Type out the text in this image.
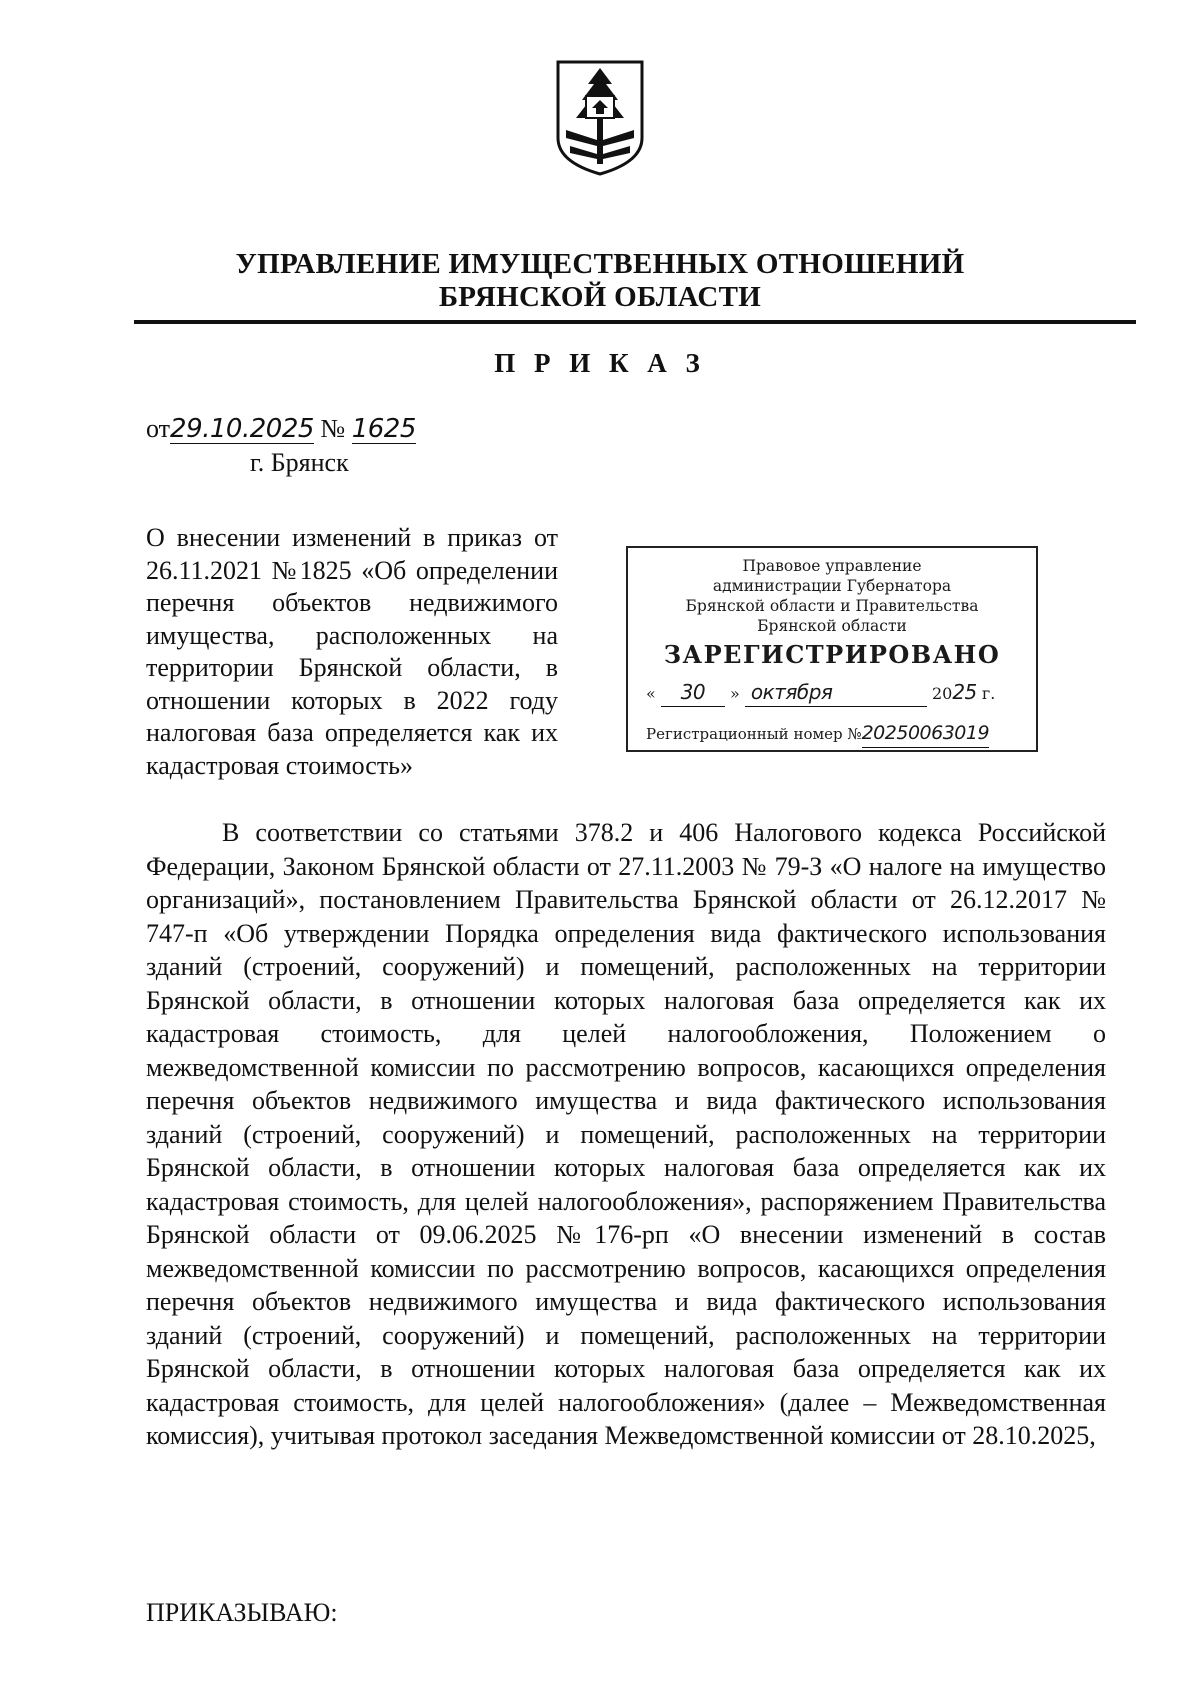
УПРАВЛЕНИЕ ИМУЩЕСТВЕННЫХ ОТНОШЕНИЙ
БРЯНСКОЙ ОБЛАСТИ
П Р И К А З
от29.10.2025 № 1625
г. Брянск

О внесении изменений в приказ от 26.11.2021 №1825 «Об определении перечня объектов недвижимого имущества, расположенных на территории Брянской области, в отношении которых в 2022 году налоговая база определяется как их кадастровая стоимость»

Правовое управление
администрации Губернатора
Брянской области и Правительства
Брянской области
ЗАРЕГИСТРИРОВАНО
« 30 » октября	2025 г.
Регистрационный номер №20250063019

В соответствии со статьями 378.2 и 406 Налогового кодекса Российской Федерации, Законом Брянской области от 27.11.2003 № 79-З «О налоге на имущество организаций», постановлением Правительства Брянской области от 26.12.2017 № 747-п «Об утверждении Порядка определения вида фактического использования зданий (строений, сооружений) и помещений, расположенных на территории Брянской области, в отношении которых налоговая база определяется как их кадастровая стоимость, для целей налогообложения, Положением о межведомственной комиссии по рассмотрению вопросов, касающихся определения перечня объектов недвижимого имущества и вида фактического использования зданий (строений, сооружений) и помещений, расположенных на территории Брянской области, в отношении которых налоговая база определяется как их кадастровая стоимость, для целей налогообложения», распоряжением Правительства Брянской области от 09.06.2025 №176-рп «О внесении изменений в состав межведомственной комиссии по рассмотрению вопросов, касающихся определения перечня объектов недвижимого имущества и вида фактического использования зданий (строений, сооружений) и помещений, расположенных на территории Брянской области, в отношении которых налоговая база определяется как их кадастровая стоимость, для целей налогообложения» (далее – Межведомственная комиссия), учитывая протокол заседания Межведомственной комиссии от 28.10.2025,

ПРИКАЗЫВАЮ:
